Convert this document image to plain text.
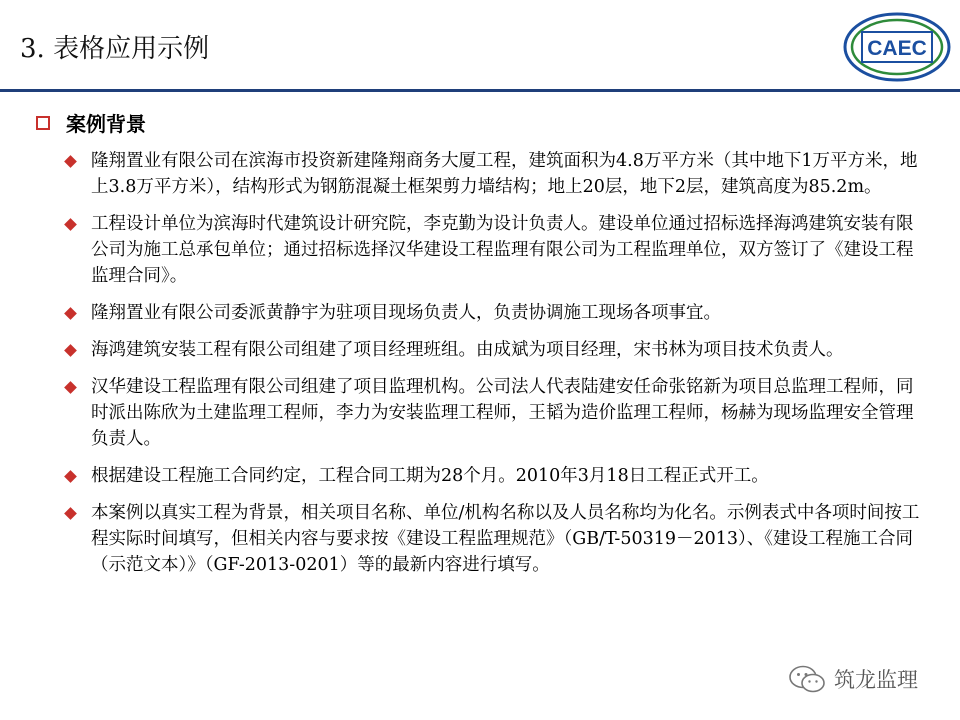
3. 表格应用示例	CAEC
案例背景
隆翔置业有限公司在滨海市投资新建隆翔商务大厦工程，建筑面积为4.8万平方米（其中地下1万平方米，地上3.8万平方米），结构形式为钢筋混凝土框架剪力墙结构；地上20层，地下2层，建筑高度为85.2m。
工程设计单位为滨海时代建筑设计研究院，李克勤为设计负责人。建设单位通过招标选择海鸿建筑安装有限公司为施工总承包单位；通过招标选择汉华建设工程监理有限公司为工程监理单位，双方签订了《建设工程监理合同》。
隆翔置业有限公司委派黄静宇为驻项目现场负责人，负责协调施工现场各项事宜。
海鸿建筑安装工程有限公司组建了项目经理班组。由成斌为项目经理，宋书林为项目技术负责人。
汉华建设工程监理有限公司组建了项目监理机构。公司法人代表陆建安任命张铭新为项目总监理工程师，同时派出陈欣为土建监理工程师，李力为安装监理工程师，王韬为造价监理工程师，杨赫为现场监理安全管理负责人。
根据建设工程施工合同约定，工程合同工期为28个月。2010年3月18日工程正式开工。
本案例以真实工程为背景，相关项目名称、单位/机构名称以及人员名称均为化名。示例表式中各项时间按工程实际时间填写，但相关内容与要求按《建设工程监理规范》（GB/T-50319－2013）、《建设工程施工合同（示范文本）》（GF-2013-0201）等的最新内容进行填写。
筑龙监理
